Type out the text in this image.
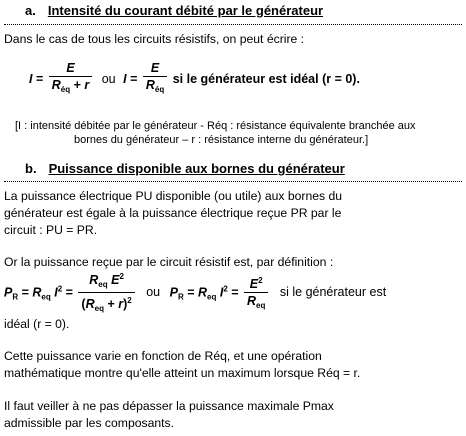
a. Intensité du courant débité par le générateur
Dans le cas de tous les circuits résistifs, on peut écrire :
$I = \frac{E}{R_{éq} + r}$ ou $I = \frac{E}{R_{éq}}$ si le générateur est idéal (r = 0).
[I : intensité débitée par le générateur - Réq : résistance équivalente branchée aux
bornes du générateur – r : résistance interne du générateur.]
b. Puissance disponible aux bornes du générateur
La puissance électrique PU disponible (ou utile) aux bornes du
générateur est égale à la puissance électrique reçue PR par le
circuit : PU = PR.
Or la puissance reçue par le circuit résistif est, par définition :
$P_R = R_{eq}$ $I^2 = \frac{R_{eq} E^2}{(R_{eq} + r)^2}$ ou $P_R = R_{eq}$ $I^2 = \frac{E^2}{R_{eq}}$ si le générateur est
idéal (r = 0).
Cette puissance varie en fonction de Réq, et une opération
mathématique montre qu'elle atteint un maximum lorsque Réq = r.
Il faut veiller à ne pas dépasser la puissance maximale Pmax
admissible par les composants.
